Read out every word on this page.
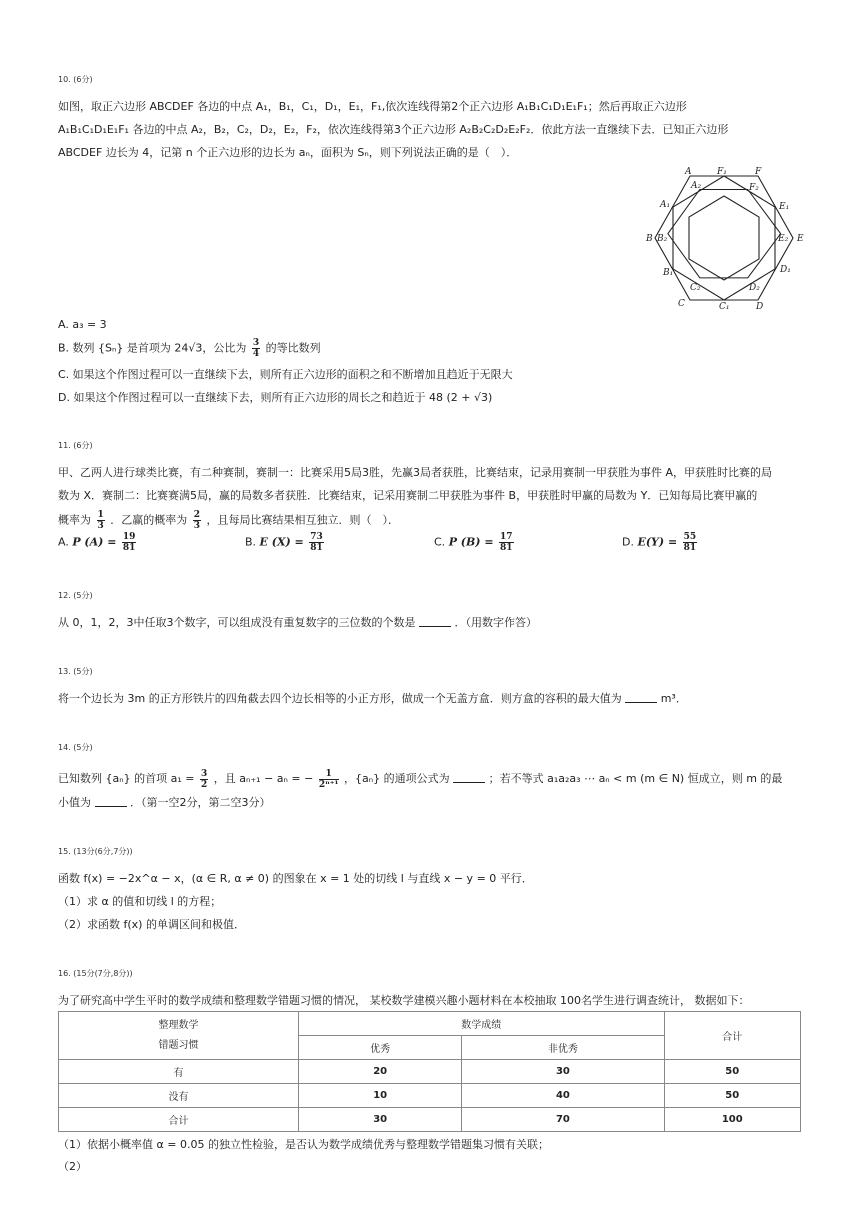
10. (6分)
如图，取正六边形 ABCDEF 各边的中点 A₁，B₁，C₁，D₁，E₁，F₁,依次连线得第2个正六边形 A₁B₁C₁D₁E₁F₁；然后再取正六边形
A₁B₁C₁D₁E₁F₁ 各边的中点 A₂，B₂，C₂，D₂，E₂，F₂，依次连线得第3个正六边形 A₂B₂C₂D₂E₂F₂．依此方法一直继续下去．已知正六边形
ABCDEF 边长为 4，记第 n 个正六边形的边长为 aₙ，面积为 Sₙ，则下列说法正确的是（　）．
A	F₁	F
A₂	F₂
A₁	E₁
B B₂	E₂ E
B₁	D₁
C₂	D₂
C	C₁	D
A. a₃ = 3
B. 数列 {Sₙ} 是首项为 24√3，公比为 $\frac{3}{4}$ 的等比数列
C. 如果这个作图过程可以一直继续下去，则所有正六边形的面积之和不断增加且趋近于无限大
D. 如果这个作图过程可以一直继续下去，则所有正六边形的周长之和趋近于 48 (2 + √3)
11. (6分)
甲、乙两人进行球类比赛，有二种赛制，赛制一：比赛采用5局3胜，先赢3局者获胜，比赛结束，记录用赛制一甲获胜为事件 A，甲获胜时比赛的局
数为 X．赛制二：比赛赛满5局，赢的局数多者获胜．比赛结束，记采用赛制二甲获胜为事件 B，甲获胜时甲赢的局数为 Y．已知每局比赛甲赢的
概率为 $\frac{1}{3}$ ．乙赢的概率为 $\frac{2}{3}$ ，且每局比赛结果相互独立．则（　）．
A. P $(A) = \frac{19}{81}$	B. E $(X) = \frac{73}{81}$	C. P $(B) = \frac{17}{81}$	D. $E(Y) = \frac{55}{81}$
12. (5分)
从 0，1，2，3中任取3个数字，可以组成没有重复数字的三位数的个数是	．（用数字作答）
13. (5分)
将一个边长为 3m 的正方形铁片的四角截去四个边长相等的小正方形，做成一个无盖方盒．则方盒的容积的最大值为	m³．
14. (5分)
已知数列 {aₙ} 的首项 $a_1 = \frac{3}{2}$ ，且 aₙ₊₁ − aₙ = − $\frac{1}{\text{2ⁿ⁺¹}}$ ，{aₙ} 的通项公式为	；若不等式 a₁a₂a₃ ⋯ aₙ < m (m ∈ N) 恒成立，则 m 的最
小值为	．（第一空2分，第二空3分）
15. (13分(6分,7分))
函数 f(x) = −2x^α − x，(α ∈ R, α ≠ 0) 的图象在 x = 1 处的切线 l 与直线 x − y = 0 平行．
（1）求 α 的值和切线 l 的方程；
（2）求函数 f(x) 的单调区间和极值．
16. (15分(7分,8分))
为了研究高中学生平时的数学成绩和整理数学错题习惯的情况， 某校数学建模兴趣小题材料在本校抽取 100名学生进行调查统计， 数据如下：
整理数学
错题习惯	数学成绩		合计
	优秀	非优秀	
有	20	30	50
没有	10	40	50
合计	30	70	100
（1）依据小概率值 α = 0.05 的独立性检验，是否认为数学成绩优秀与整理数学错题集习惯有关联；
（2）
